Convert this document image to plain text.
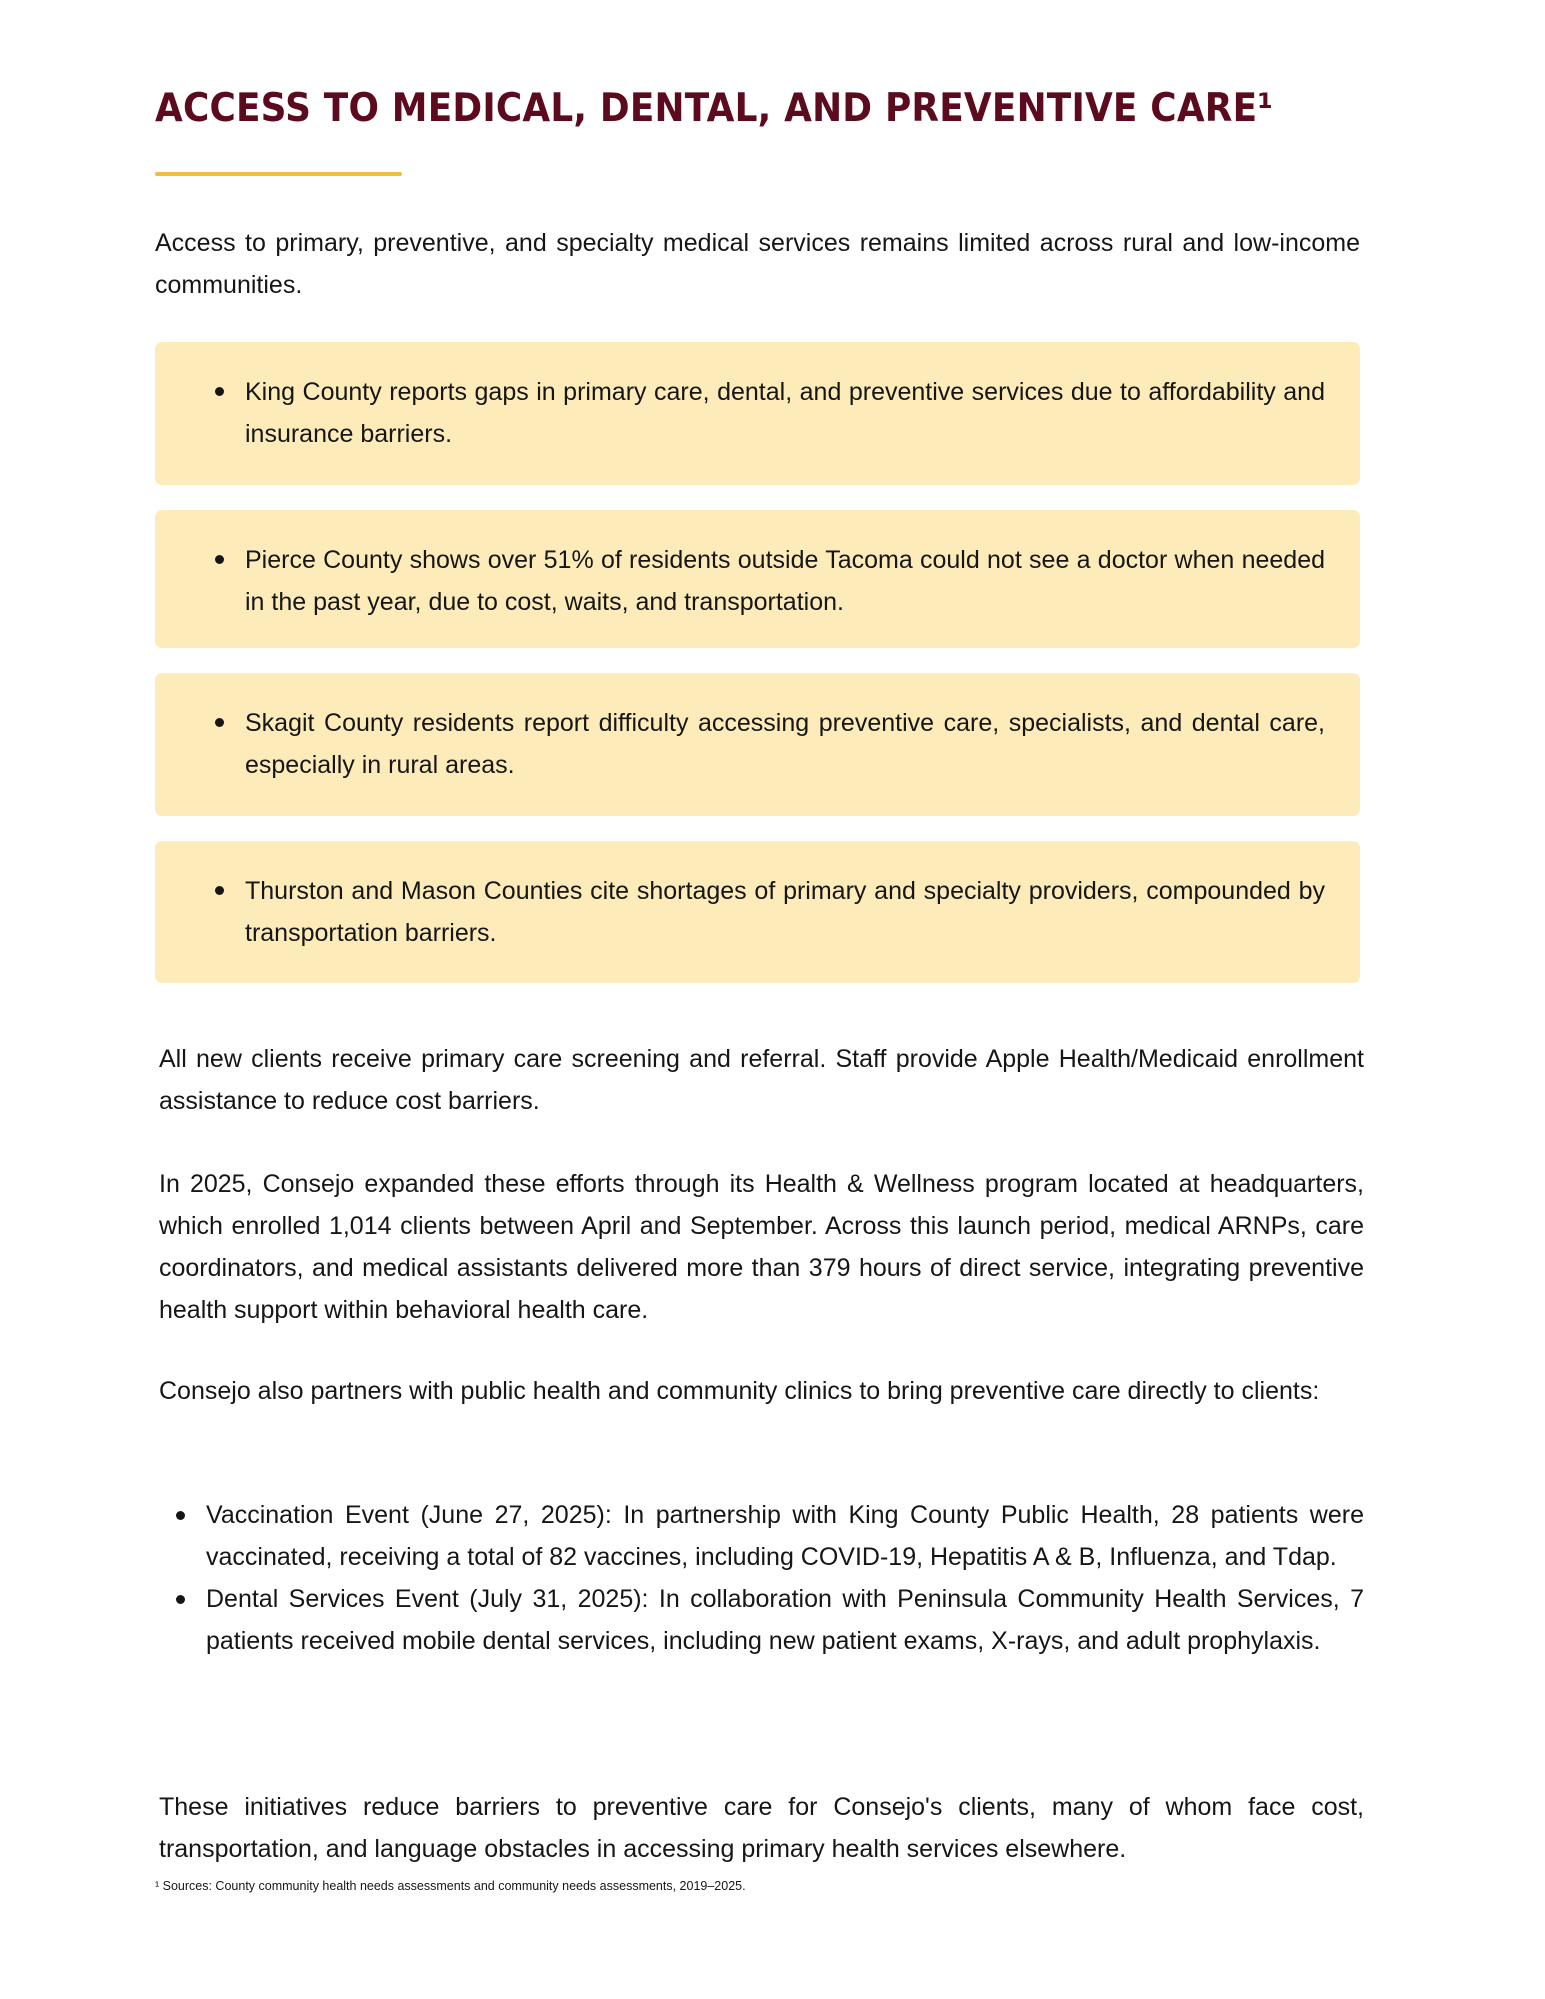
ACCESS TO MEDICAL, DENTAL, AND PREVENTIVE CARE¹

Access to primary, preventive, and specialty medical services remains limited across rural and low-income communities.

King County reports gaps in primary care, dental, and preventive services due to affordability and insurance barriers.

Pierce County shows over 51% of residents outside Tacoma could not see a doctor when needed in the past year, due to cost, waits, and transportation.

Skagit County residents report difficulty accessing preventive care, specialists, and dental care, especially in rural areas.

Thurston and Mason Counties cite shortages of primary and specialty providers, compounded by transportation barriers.

All new clients receive primary care screening and referral. Staff provide Apple Health/Medicaid enrollment assistance to reduce cost barriers.

In 2025, Consejo expanded these efforts through its Health & Wellness program located at headquarters, which enrolled 1,014 clients between April and September. Across this launch period, medical ARNPs, care coordinators, and medical assistants delivered more than 379 hours of direct service, integrating preventive health support within behavioral health care.

Consejo also partners with public health and community clinics to bring preventive care directly to clients:

Vaccination Event (June 27, 2025): In partnership with King County Public Health, 28 patients were vaccinated, receiving a total of 82 vaccines, including COVID-19, Hepatitis A & B, Influenza, and Tdap.
Dental Services Event (July 31, 2025): In collaboration with Peninsula Community Health Services, 7 patients received mobile dental services, including new patient exams, X-rays, and adult prophylaxis.

These initiatives reduce barriers to preventive care for Consejo's clients, many of whom face cost, transportation, and language obstacles in accessing primary health services elsewhere.

¹ Sources: County community health needs assessments and community needs assessments, 2019–2025.
